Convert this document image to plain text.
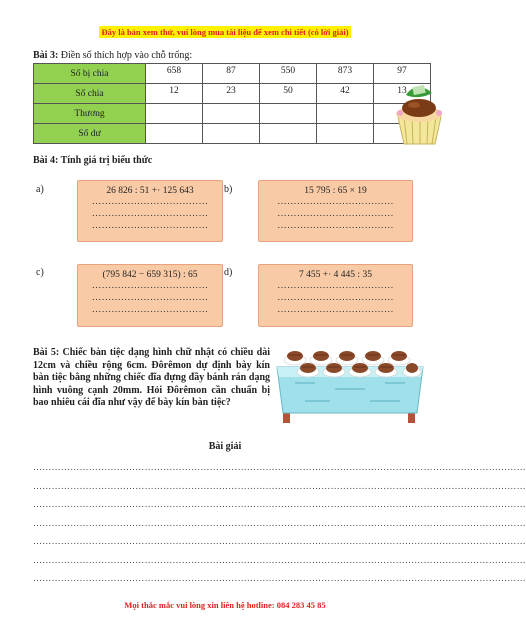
Đây là bản xem thử, vui lòng mua tài liệu để xem chi tiết (có lời giải)
Bài 3: Điền số thích hợp vào chỗ trống:
Số bị chia	658	87	550	873	97
Số chia	12	23	50	42	13
Thương					
Số dư					
Bài 4: Tính giá trị biểu thức
a)	26 826 : 51 +· 125 643
………………………………
………………………………
………………………………
b)	15 795 : 65 × 19
………………………………
………………………………
………………………………
c)	(795 842 − 659 315) : 65
………………………………
………………………………
………………………………
d)	7 455 +· 4 445 : 35
………………………………
………………………………
………………………………
Bài 5: Chiếc bàn tiệc dạng hình chữ nhật có chiều dài 12cm và chiều rộng 6cm. Đôrêmon dự định bày kín bàn tiệc bằng những chiếc đĩa đựng đầy bánh rán dạng hình vuông cạnh 20mm. Hỏi Đôrêmon cần chuẩn bị bao nhiêu cái đĩa như vậy để bày kín bàn tiệc?
Bài giải
……………………………………………………………………………………………………………………………………………
……………………………………………………………………………………………………………………………………………
……………………………………………………………………………………………………………………………………………
……………………………………………………………………………………………………………………………………………
……………………………………………………………………………………………………………………………………………
……………………………………………………………………………………………………………………………………………
……………………………………………………………………………………………………………………………………………
Mọi thắc mắc vui lòng xin liên hệ hotline: 084 283 45 85
